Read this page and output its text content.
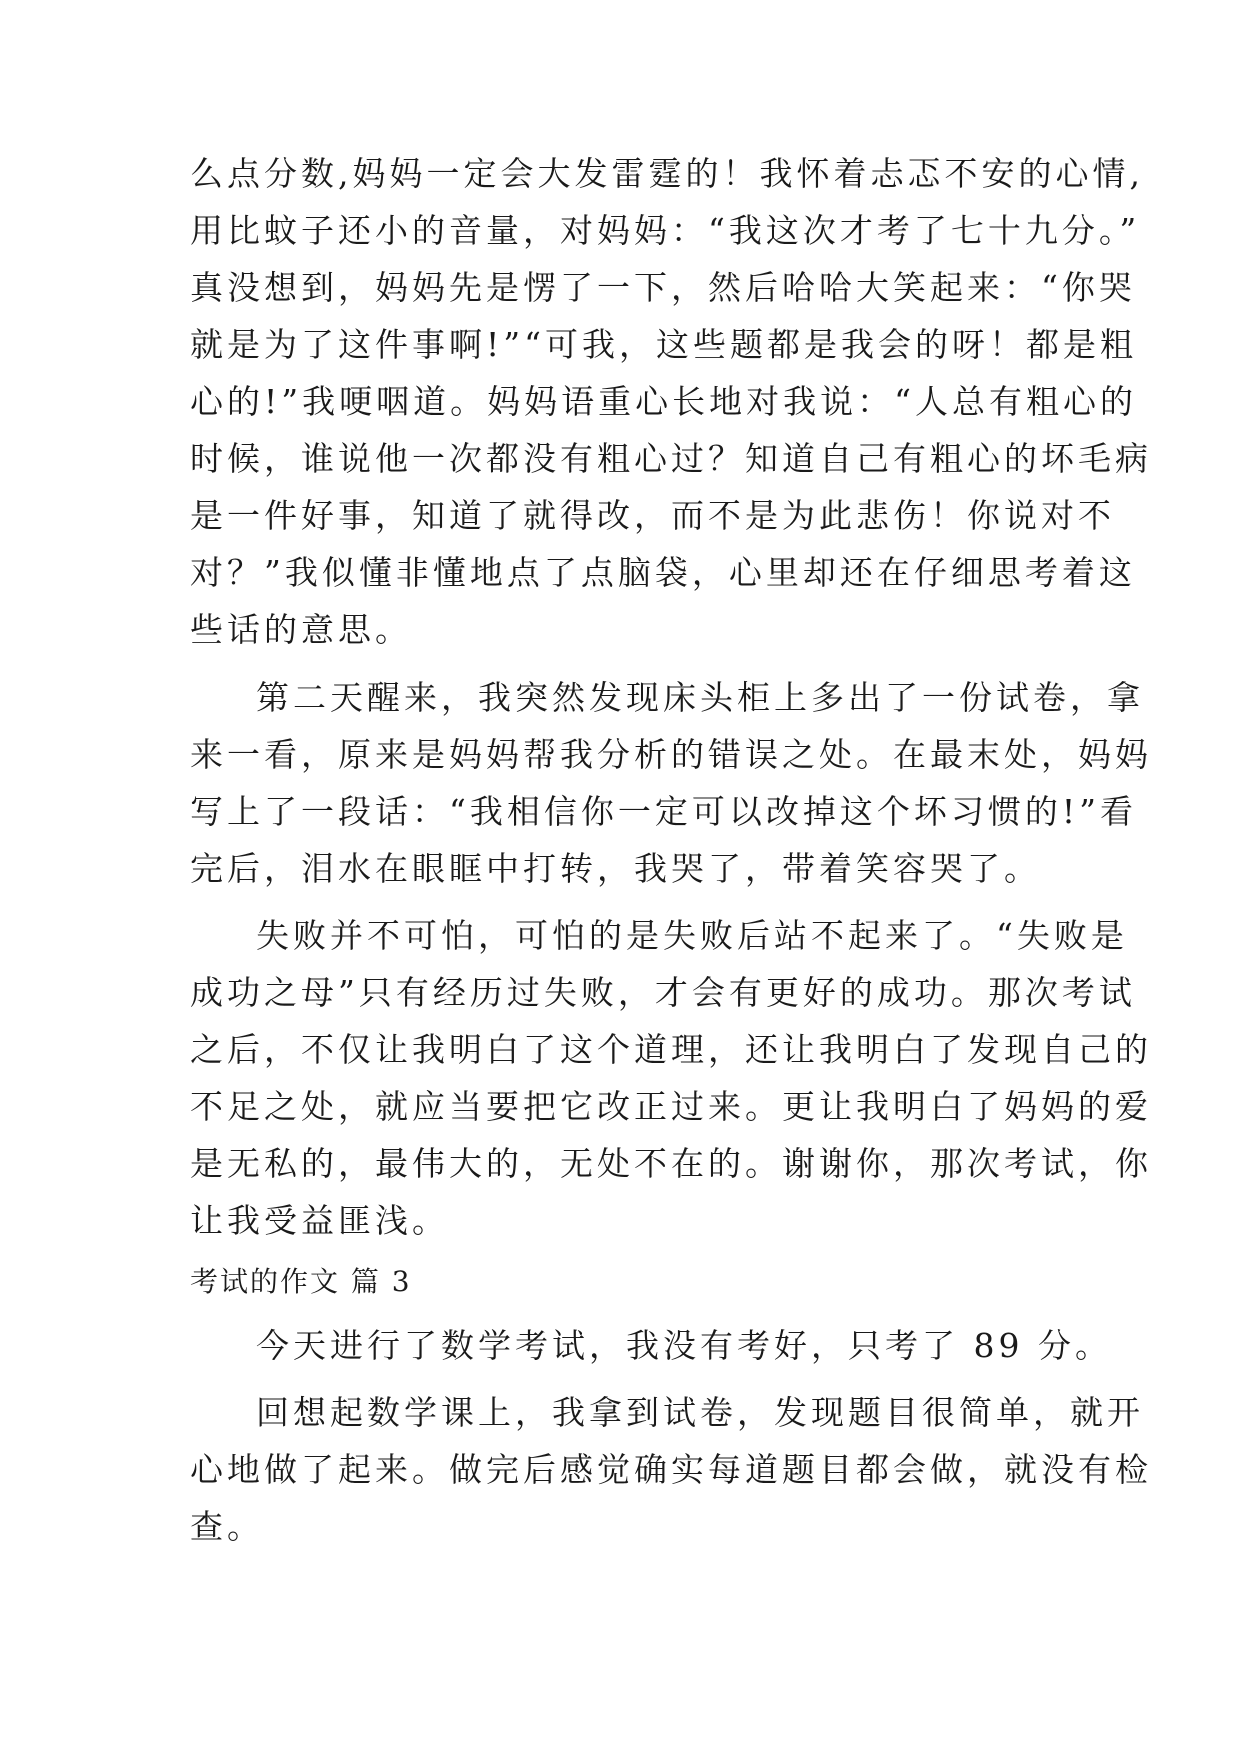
么点分数,妈妈一定会大发雷霆的！我怀着忐忑不安的心情,
用比蚊子还小的音量，对妈妈：“我这次才考了七十九分。”
真没想到，妈妈先是愣了一下，然后哈哈大笑起来：“你哭
就是为了这件事啊!”“可我，这些题都是我会的呀！都是粗
心的!”我哽咽道。妈妈语重心长地对我说：“人总有粗心的
时候，谁说他一次都没有粗心过？知道自己有粗心的坏毛病
是一件好事，知道了就得改，而不是为此悲伤！你说对不
对？”我似懂非懂地点了点脑袋，心里却还在仔细思考着这
些话的意思。
第二天醒来，我突然发现床头柜上多出了一份试卷，拿
来一看，原来是妈妈帮我分析的错误之处。在最末处，妈妈
写上了一段话：“我相信你一定可以改掉这个坏习惯的!”看
完后，泪水在眼眶中打转，我哭了，带着笑容哭了。
失败并不可怕，可怕的是失败后站不起来了。“失败是
成功之母”只有经历过失败，才会有更好的成功。那次考试
之后，不仅让我明白了这个道理，还让我明白了发现自己的
不足之处，就应当要把它改正过来。更让我明白了妈妈的爱
是无私的，最伟大的，无处不在的。谢谢你，那次考试，你
让我受益匪浅。
考试的作文 篇 3
今天进行了数学考试，我没有考好，只考了 89 分。
回想起数学课上，我拿到试卷，发现题目很简单，就开
心地做了起来。做完后感觉确实每道题目都会做，就没有检
查。
